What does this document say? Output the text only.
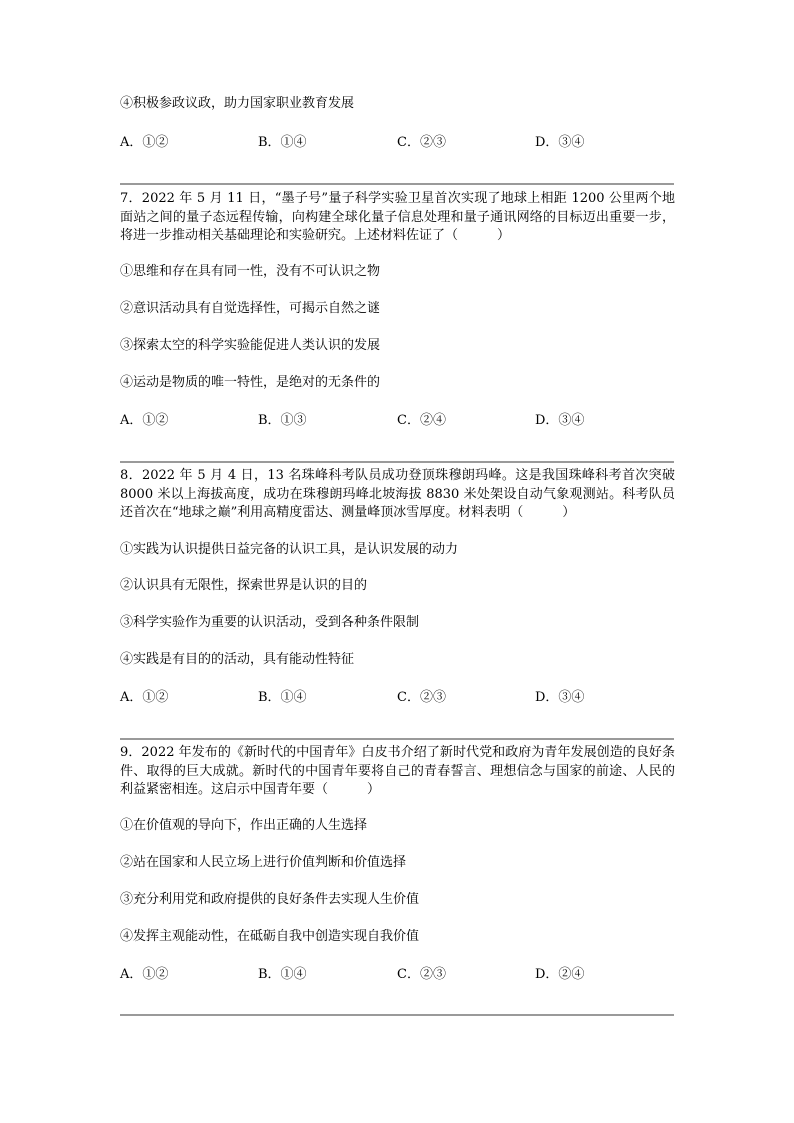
④积极参政议政，助力国家职业教育发展
A．①②	B．①④	C．②③	D．③④
7．2022 年 5 月 11 日，“墨子号”量子科学实验卫星首次实现了地球上相距 1200 公里两个地面站之间的量子态远程传输，向构建全球化量子信息处理和量子通讯网络的目标迈出重要一步，将进一步推动相关基础理论和实验研究。上述材料佐证了（　　　）
①思维和存在具有同一性，没有不可认识之物
②意识活动具有自觉选择性，可揭示自然之谜
③探索太空的科学实验能促进人类认识的发展
④运动是物质的唯一特性，是绝对的无条件的
A．①②	B．①③	C．②④	D．③④
8．2022 年 5 月 4 日，13 名珠峰科考队员成功登顶珠穆朗玛峰。这是我国珠峰科考首次突破 8000 米以上海拔高度，成功在珠穆朗玛峰北坡海拔 8830 米处架设自动气象观测站。科考队员还首次在“地球之巅”利用高精度雷达、测量峰顶冰雪厚度。材料表明（　　　）
①实践为认识提供日益完备的认识工具，是认识发展的动力
②认识具有无限性，探索世界是认识的目的
③科学实验作为重要的认识活动，受到各种条件限制
④实践是有目的的活动，具有能动性特征
A．①②	B．①④	C．②③	D．③④
9．2022 年发布的《新时代的中国青年》白皮书介绍了新时代党和政府为青年发展创造的良好条件、取得的巨大成就。新时代的中国青年要将自己的青春誓言、理想信念与国家的前途、人民的利益紧密相连。这启示中国青年要（　　　）
①在价值观的导向下，作出正确的人生选择
②站在国家和人民立场上进行价值判断和价值选择
③充分利用党和政府提供的良好条件去实现人生价值
④发挥主观能动性，在砥砺自我中创造实现自我价值
A．①②	B．①④	C．②③	D．②④
